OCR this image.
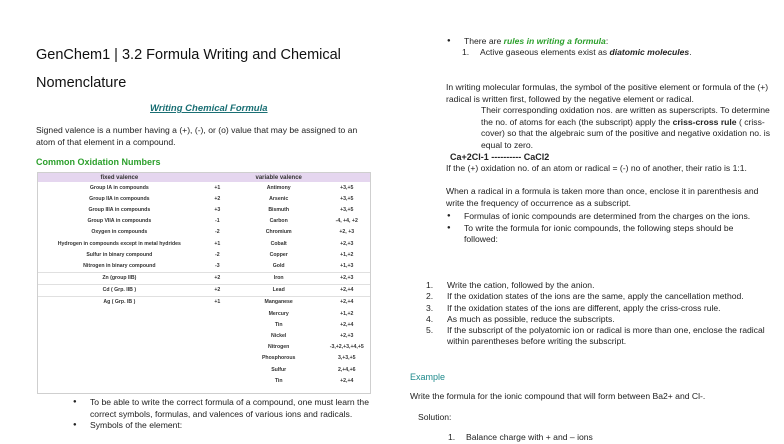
GenChem1 | 3.2 Formula Writing and Chemical
Nomenclature
Writing Chemical Formula
Signed valence is a number having a (+), (-), or (o) value that may be assigned to an atom of that element in a compound.
Common Oxidation Numbers
fixed valence		variable valence	
Group IA in compounds	+1	Antimony	+3,+5
Group IIA in compounds	+2	Arsenic	+3,+5
Group IIIA in compounds	+3	Bismuth	+3,+5
Group VIIA in compounds	-1	Carbon	-4, +4, +2
Oxygen in compounds	-2	Chromium	+2, +3
Hydrogen in compounds except in metal hydrides	+1	Cobalt	+2,+3
Sulfur in binary compound	-2	Copper	+1,+2
Nitrogen in binary compound	-3	Gold	+1,+3
Zn (group IIB)	+2	Iron	+2,+3
Cd ( Grp. IIB )	+2	Lead	+2,+4
Ag ( Grp. IB )	+1	Manganese	+2,+4
		Mercury	+1,+2
		Tin	+2,+4
		Nickel	+2,+3
		Nitrogen	-3,+2,+3,+4,+5
		Phosphorous	3,+3,+5
		Sulfur	2,+4,+6
		Tin	+2,+4
● To be able to write the correct formula of a compound, one must learn the correct symbols, formulas, and valences of various ions and radicals.
● Symbols of the element:
● There are rules in writing a formula:
1. Active gaseous elements exist as diatomic molecules.
In writing molecular formulas, the symbol of the positive element or formula of the (+) radical is written first, followed by the negative element or radical.
Their corresponding oxidation nos. are written as superscripts. To determine the no. of atoms for each (the subscript) apply the criss-cross rule ( criss-cover) so that the algebraic sum of the positive and negative oxidation no. is equal to zero.
Ca+2Cl-1 ---------- CaCl2
If the (+) oxidation no. of an atom or radical = (-) no of another, their ratio is 1:1.
When a radical in a formula is taken more than once, enclose it in parenthesis and write the frequency of occurrence as a subscript.
● Formulas of ionic compounds are determined from the charges on the ions.
● To write the formula for ionic compounds, the following steps should be followed:
1. Write the cation, followed by the anion.
2. If the oxidation states of the ions are the same, apply the cancellation method.
3. If the oxidation states of the ions are different, apply the criss-cross rule.
4. As much as possible, reduce the subscripts.
5. If the subscript of the polyatomic ion or radical is more than one, enclose the radical within parentheses before writing the subscript.
Example
Write the formula for the ionic compound that will form between Ba2+ and Cl-.
Solution:
1. Balance charge with + and – ions
